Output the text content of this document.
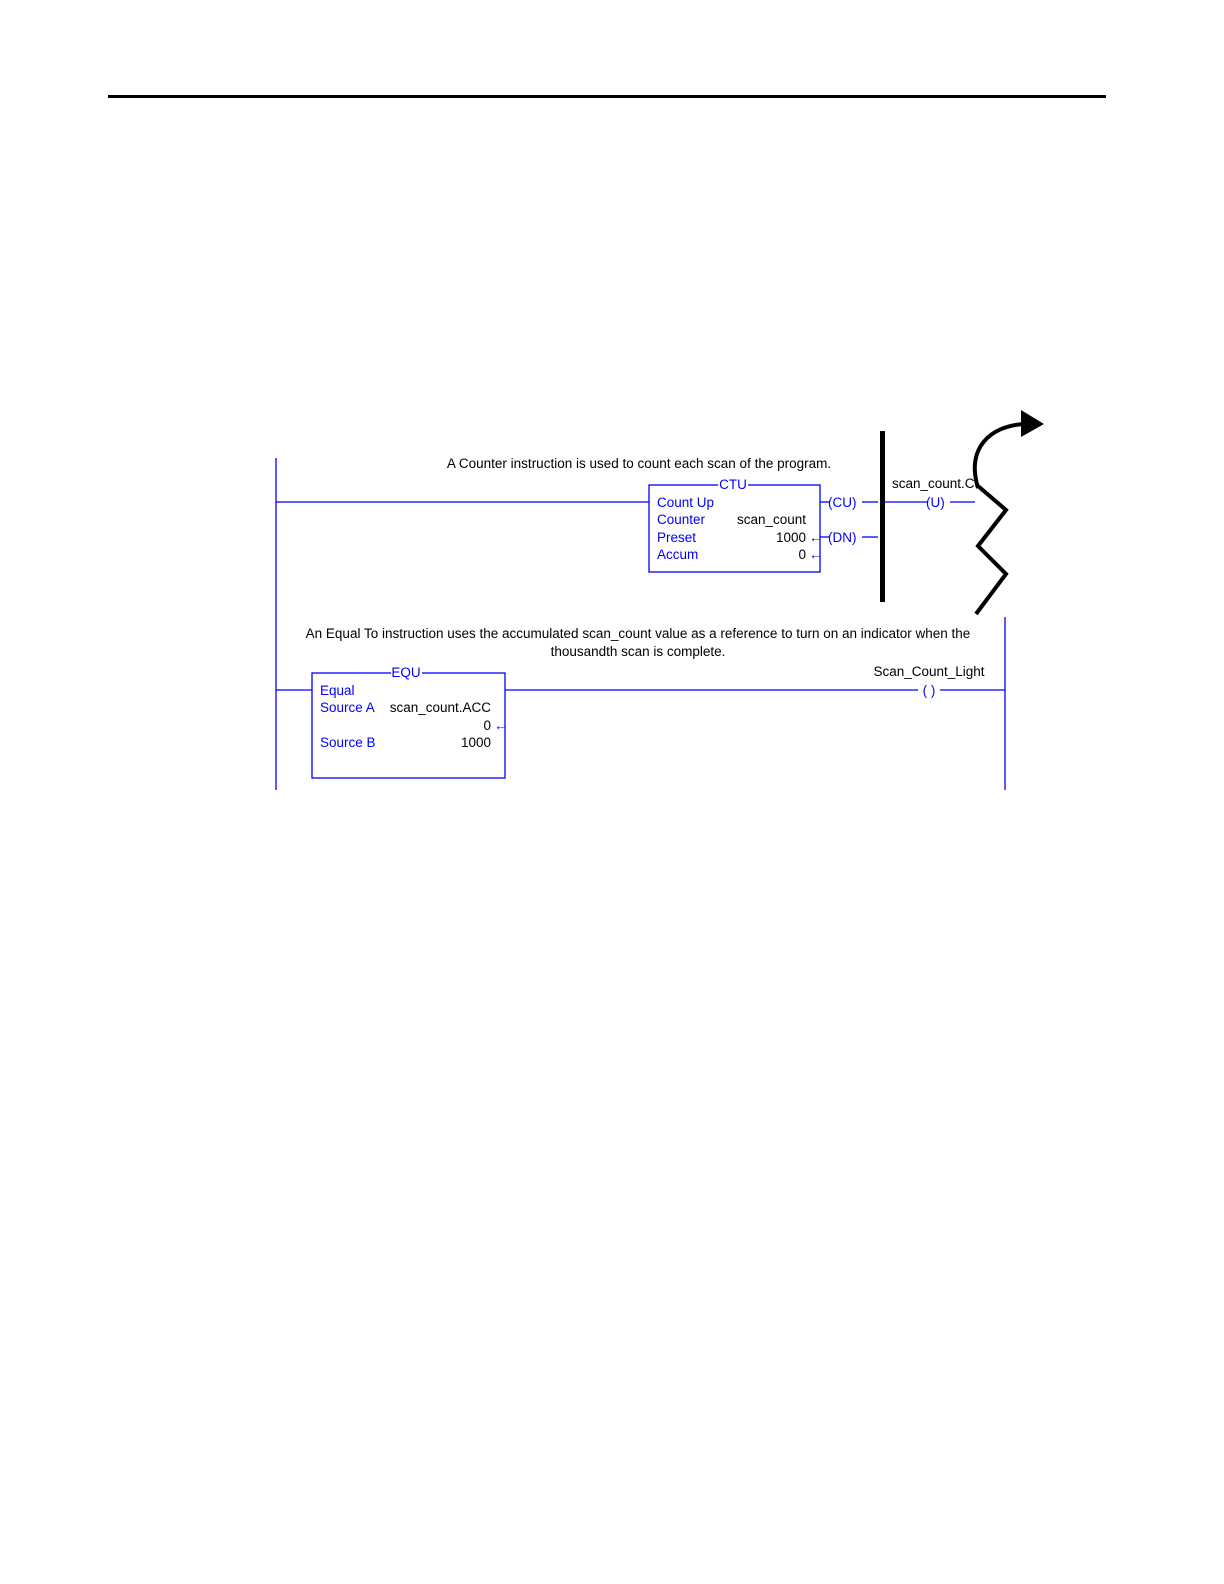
A Counter instruction is used to count each scan of the program.
CTU
Count Up
Counter scan_count
Preset	1000 ←
Accum	0 ←
(CU)
(DN)
scan_count.C
(U)
An Equal To instruction uses the accumulated scan_count value as a reference to turn on an indicator when the
thousandth scan is complete.
EQU
Equal
Source A scan_count.ACC
0 ←
Source B	1000
Scan_Count_Light
( )
